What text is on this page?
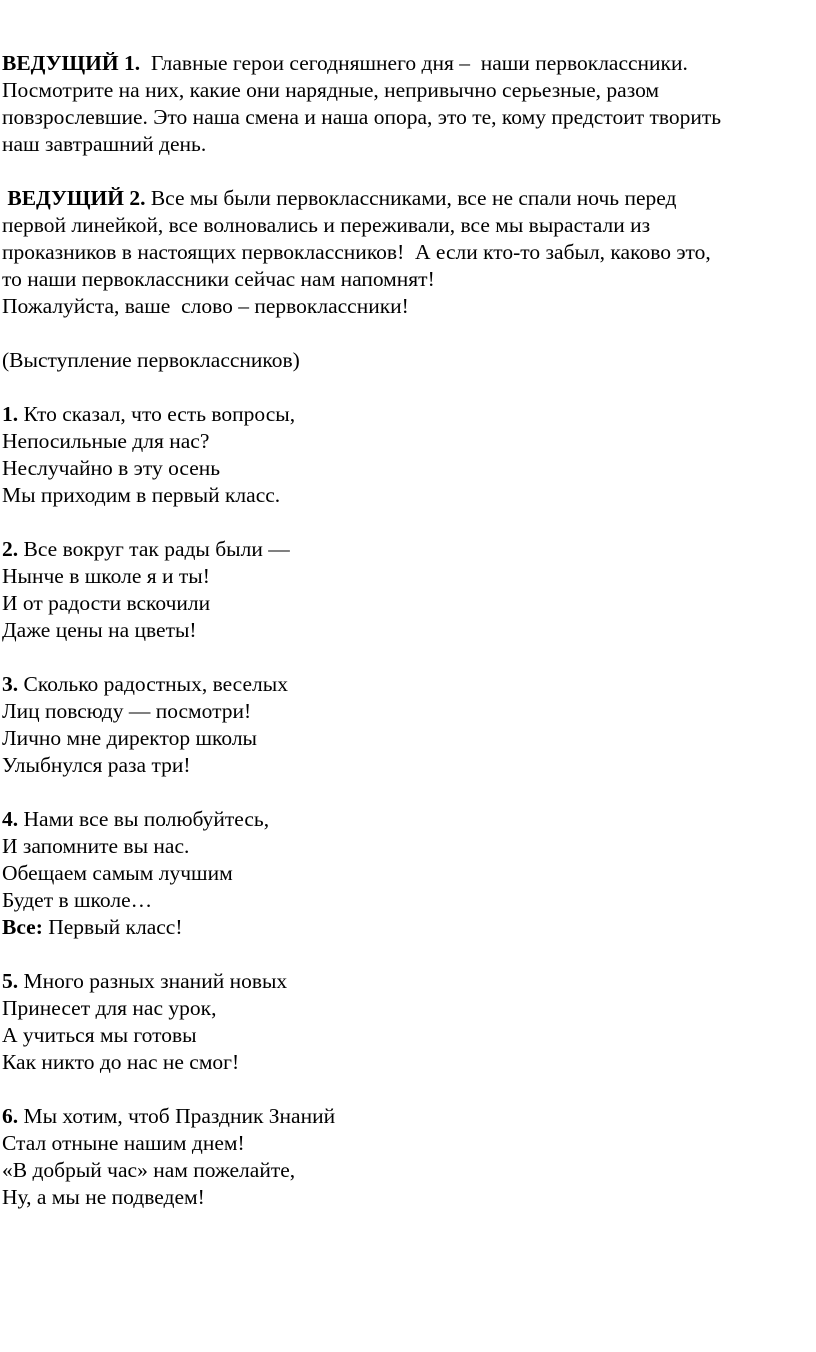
ВЕДУЩИЙ 1.  Главные герои сегодняшнего дня –  наши первоклассники.
Посмотрите на них, какие они нарядные, непривычно серьезные, разом
повзрослевшие. Это наша смена и наша опора, это те, кому предстоит творить
наш завтрашний день.
ВЕДУЩИЙ 2. Все мы были первоклассниками, все не спали ночь перед
первой линейкой, все волновались и переживали, все мы вырастали из
проказников в настоящих первоклассников!  А если кто-то забыл, каково это,
то наши первоклассники сейчас нам напомнят!
Пожалуйста, ваше  слово – первоклассники!
(Выступление первоклассников)
1. Кто сказал, что есть вопросы,
Непосильные для нас?
Неслучайно в эту осень
Мы приходим в первый класс.
2. Все вокруг так рады были —
Нынче в школе я и ты!
И от радости вскочили
Даже цены на цветы!
3. Сколько радостных, веселых
Лиц повсюду — посмотри!
Лично мне директор школы
Улыбнулся раза три!
4. Нами все вы полюбуйтесь,
И запомните вы нас.
Обещаем самым лучшим
Будет в школе…
Все: Первый класс!
5. Много разных знаний новых
Принесет для нас урок,
А учиться мы готовы
Как никто до нас не смог!
6. Мы хотим, чтоб Праздник Знаний
Стал отныне нашим днем!
«В добрый час» нам пожелайте,
Ну, а мы не подведем!
